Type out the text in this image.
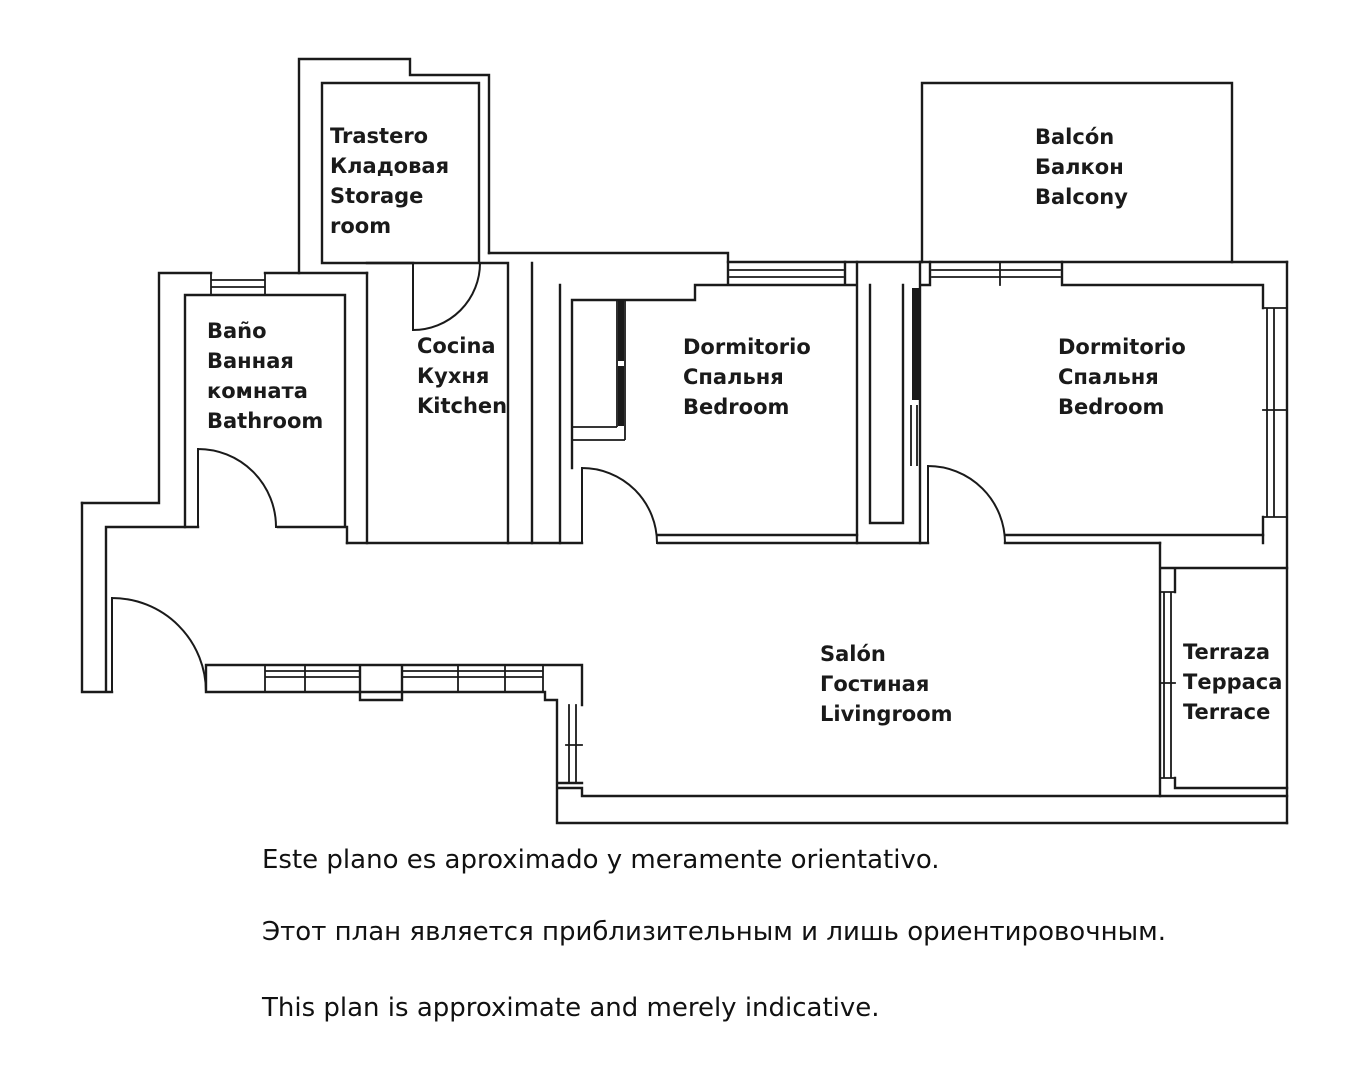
Trastero
Кладовая
Storage
room
Baño
Ванная
комната
Bathroom
Cocina
Кухня
Kitchen
Dormitorio
Спальня
Bedroom
Balcón
Балкон
Balcony
Dormitorio
Спальня
Bedroom
Salón
Гостиная
Livingroom
Terraza
Терраса
Terrace
Este plano es aproximado y meramente orientativo.
Этот план является приблизительным и лишь ориентировочным.
This plan is approximate and merely indicative.
